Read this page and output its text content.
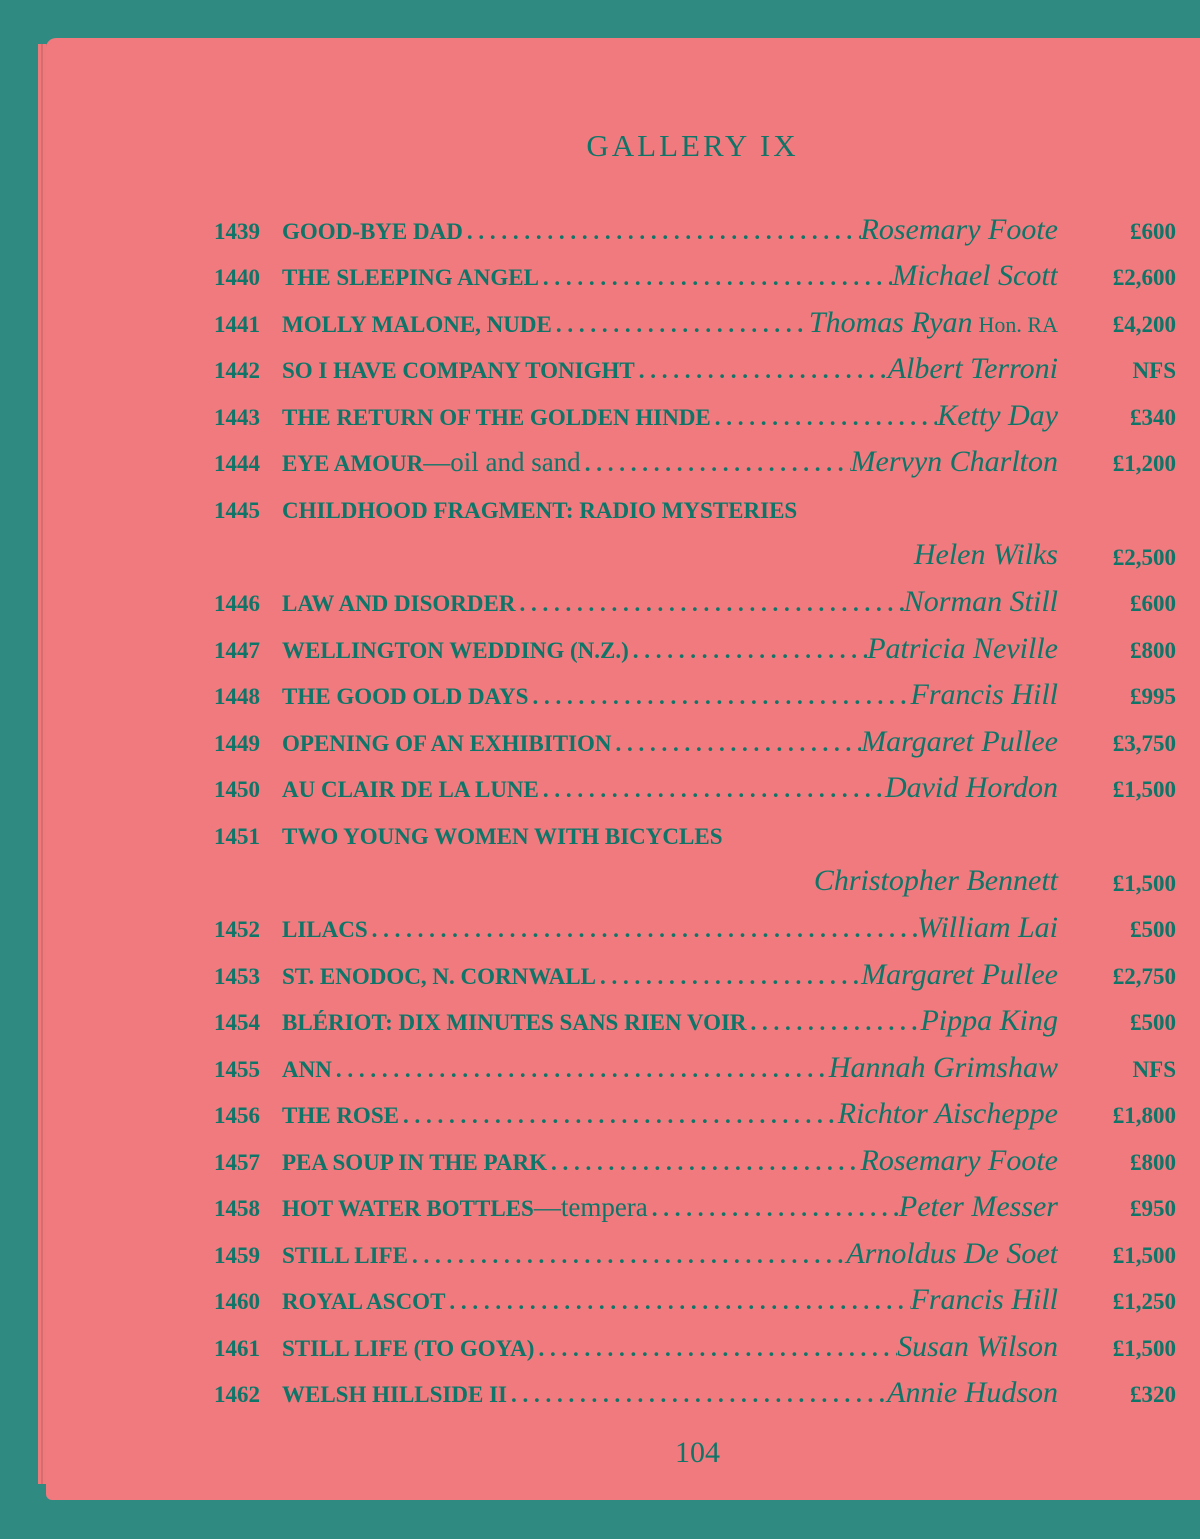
GALLERY IX
1439 GOOD-BYE DAD . . .	Rosemary Foote	£600
1440 THE SLEEPING ANGEL . . .	Michael Scott £2,600
1441 MOLLY MALONE, NUDE . . .	Thomas Ryan Hon. RA £4,200
1442 SO I HAVE COMPANY TONIGHT . . .	Albert Terroni	NFS
1443 THE RETURN OF THE GOLDEN HINDE . . .	Ketty Day	£340
1444 EYE AMOUR —oil and sand . . .	Mervyn Charlton £1,200
1445 CHILDHOOD FRAGMENT: RADIO MYSTERIES
Helen Wilks £2,500
1446 LAW AND DISORDER . . .	Norman Still	£600
1447 WELLINGTON WEDDING (N.Z.) . . .	Patricia Neville	£800
1448 THE GOOD OLD DAYS . . .	Francis Hill	£995
1449 OPENING OF AN EXHIBITION . . .	Margaret Pullee £3,750
1450 AU CLAIR DE LA LUNE . . .	David Hordon £1,500
1451 TWO YOUNG WOMEN WITH BICYCLES
Christopher Bennett £1,500
1452 LILACS . . .	William Lai	£500
1453 ST. ENODOC, N. CORNWALL . . .	Margaret Pullee £2,750
1454 BLÉRIOT: DIX MINUTES SANS RIEN VOIR . . .	Pippa King	£500
1455 ANN . . .	Hannah Grimshaw	NFS
1456 THE ROSE . . .	Richtor Aischeppe £1,800
1457 PEA SOUP IN THE PARK . . .	Rosemary Foote	£800
1458 HOT WATER BOTTLES —tempera . . .	Peter Messer	£950
1459 STILL LIFE . . .	Arnoldus De Soet £1,500
1460 ROYAL ASCOT . . .	Francis Hill £1,250
1461 STILL LIFE (TO GOYA) . . .	Susan Wilson £1,500
1462 WELSH HILLSIDE II . . .	Annie Hudson	£320
104
